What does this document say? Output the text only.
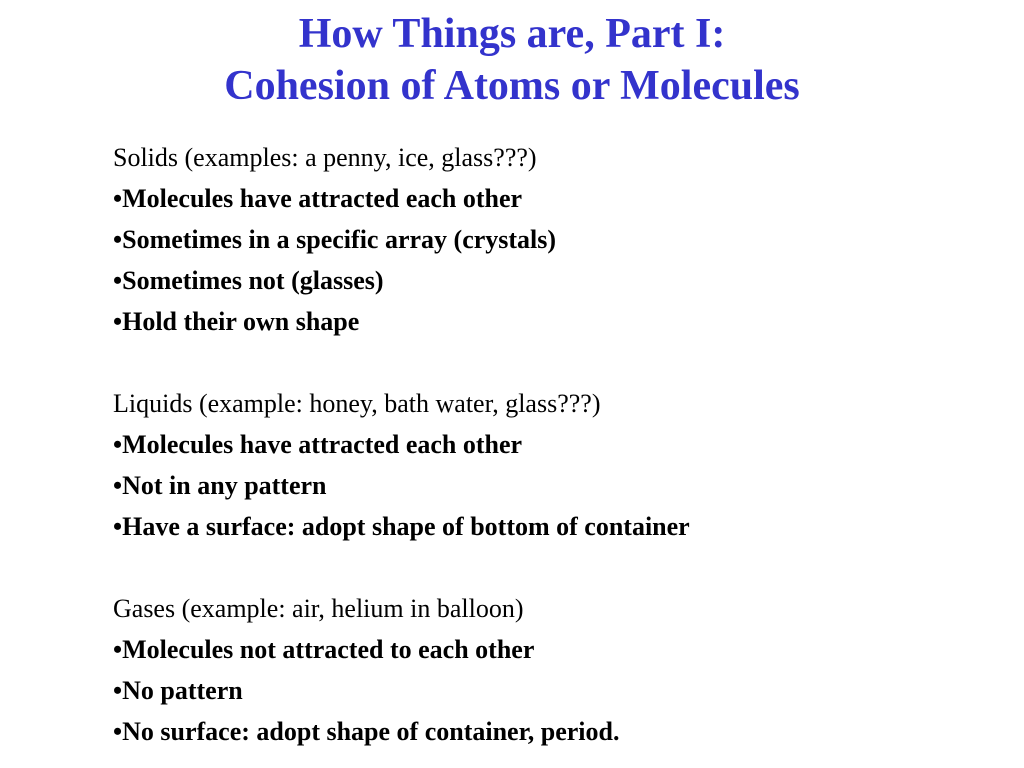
How Things are, Part I:
Cohesion of Atoms or Molecules
Solids (examples: a penny, ice, glass???)
•Molecules have attracted each other
•Sometimes in a specific array (crystals)
•Sometimes not (glasses)
•Hold their own shape
Liquids (example: honey, bath water, glass???)
•Molecules have attracted each other
•Not in any pattern
•Have a surface: adopt shape of bottom of container
Gases (example: air, helium in balloon)
•Molecules not attracted to each other
•No pattern
•No surface: adopt shape of container, period.
